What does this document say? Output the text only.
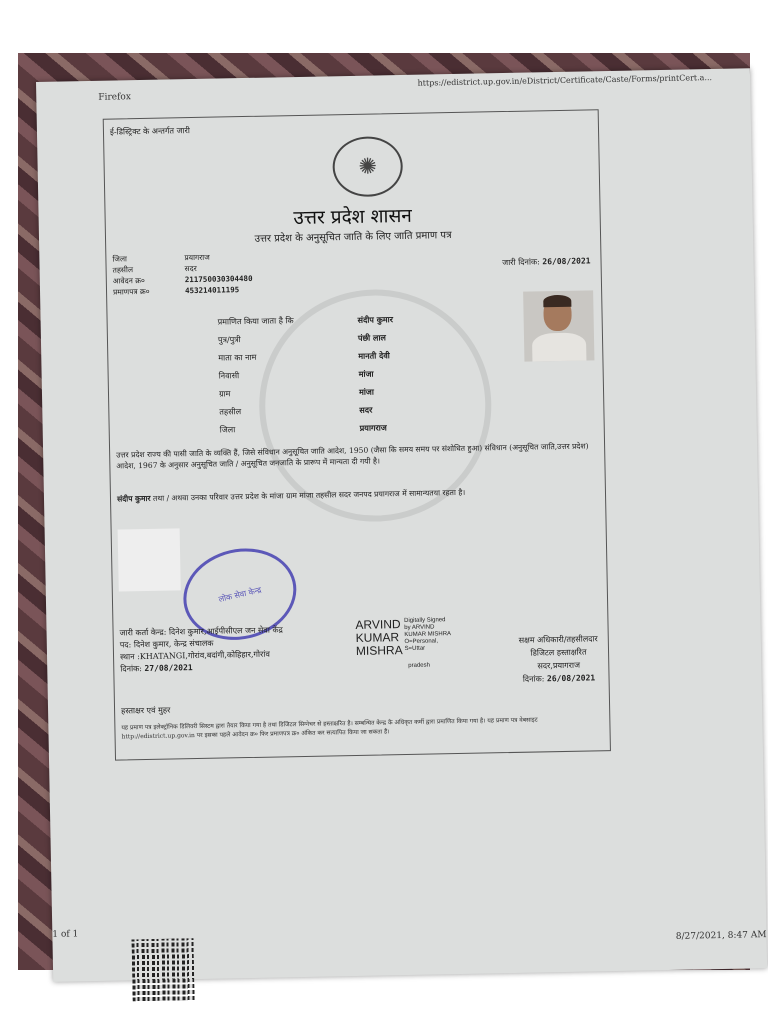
Firefox
https://edistrict.up.gov.in/eDistrict/Certificate/Caste/Forms/printCert.a...
ई-डिस्ट्रिक्ट के अन्तर्गत जारी
✺
उत्तर प्रदेश शासन
उत्तर प्रदेश के अनुसूचित जाति के लिए जाति प्रमाण पत्र
जिला	प्रयागराज
तहसील	सदर
आवेदन क्र०	211750030304480
प्रमाणपत्र क्र०	453214011195
जारी दिनांक: 26/08/2021
प्रमाणित किया जाता है कि	संदीप कुमार
पुत्र/पुत्री	पंछी लाल
माता का नाम	मानती देवी
निवासी	मांजा
ग्राम	मांजा
तहसील	सदर
जिला	प्रयागराज
उत्तर प्रदेश राज्य की पासी जाति के व्यक्ति हैं, जिसे संविधान अनुसूचित जाति आदेश, 1950 (जैसा कि समय समय पर संशोधित हुआ) संविधान (अनुसूचित जाति,उत्तर प्रदेश) आदेश, 1967 के अनुसार अनुसूचित जाति / अनुसूचित जनजाति के प्रारूप में मान्यता दी गयी है।
संदीप कुमार तथा / अथवा उनका परिवार उत्तर प्रदेश के मांजा ग्राम मांजा तहसील सदर जनपद प्रयागराज में सामान्यतया रहता है।
लोक सेवा केन्द्र
जारी कर्ता केन्द्र: दिनेश कुमार,आईपीसीएल जन सेवा केंद्र
पद: दिनेश कुमार, केन्द्र संचालक
स्थान :KHATANGI,गोरांव,बदांगी,कोहिहार,गोरांव
दिनांक: 27/08/2021
ARVIND
KUMAR
MISHRA
Digitally Signed
by ARVIND
KUMAR MISHRA
O=Personal,
S=Uttar
pradesh
सक्षम अधिकारी/तहसीलदार
डिजिटल हस्ताक्षरित
सदर,प्रयागराज
दिनांक: 26/08/2021
हस्ताक्षर एवं मुहर
यह प्रमाण पत्र इलेक्ट्रॉनिक डिलिवरी सिस्टम द्वारा तैयार किया गया है तथा डिजिटल सिग्नेचर से हस्ताक्षरित है। सम्बन्धित केन्द्र के अधिकृत कर्मी द्वारा प्रमाणित किया गया है। यह प्रमाण पत्र वेबसाइट http://edistrict.up.gov.in पर इसका पहले आवेदन क्र० फिर प्रमाणपत्र क्र० अंकित कर सत्यापित किया जा सकता है।
1 of 1	8/27/2021, 8:47 AM
